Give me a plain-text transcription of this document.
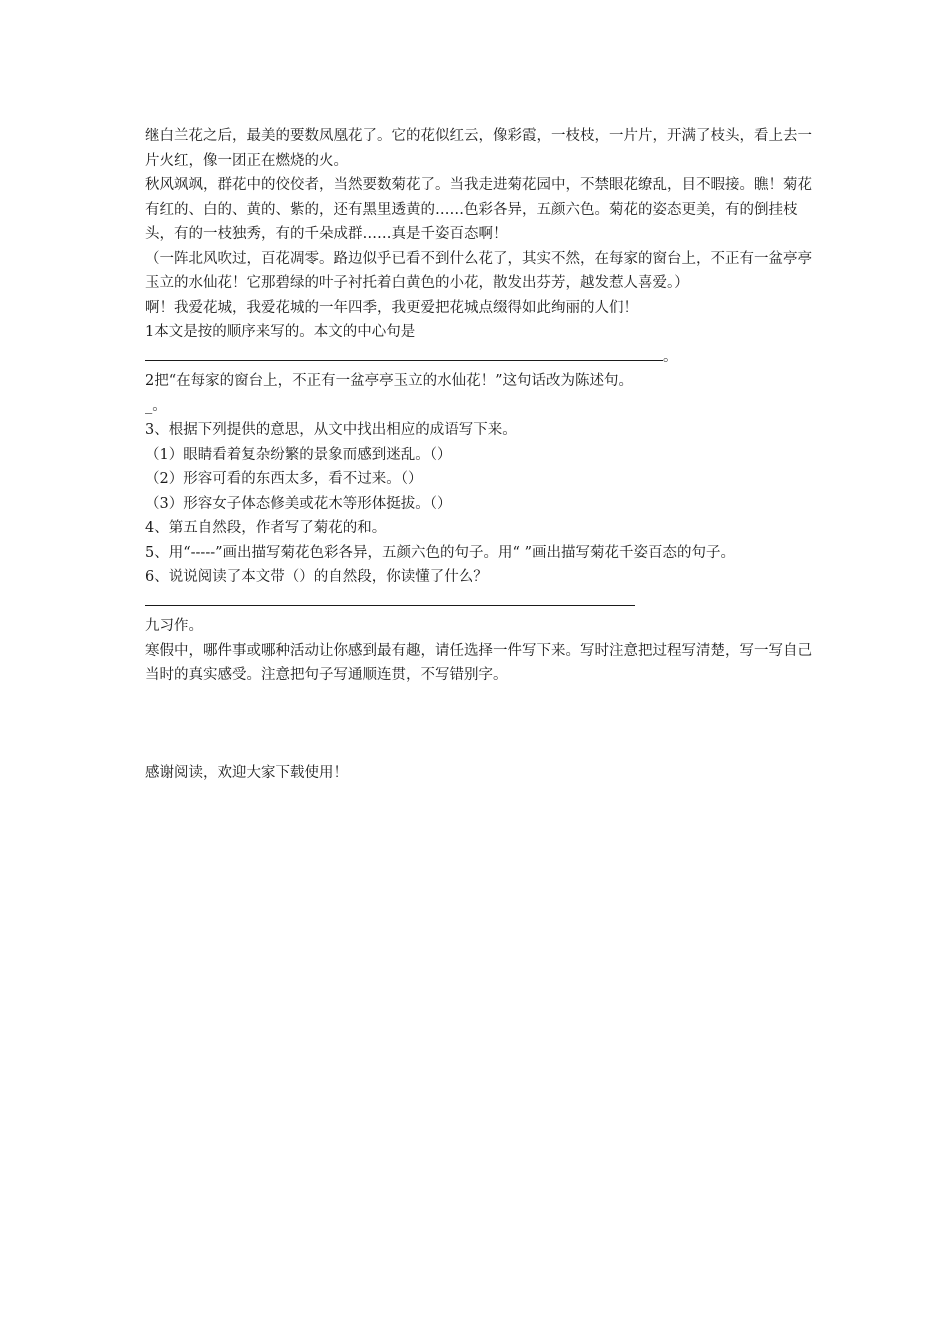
继白兰花之后，最美的要数凤凰花了。它的花似红云，像彩霞，一枝枝，一片片，开满了枝头，看上去一片火红，像一团正在燃烧的火。

秋风飒飒，群花中的佼佼者，当然要数菊花了。当我走进菊花园中，不禁眼花缭乱，目不暇接。瞧！菊花有红的、白的、黄的、紫的，还有黑里透黄的……色彩各异，五颜六色。菊花的姿态更美，有的倒挂枝头，有的一枝独秀，有的千朵成群……真是千姿百态啊！

（一阵北风吹过，百花凋零。路边似乎已看不到什么花了，其实不然，在每家的窗台上，不正有一盆亭亭玉立的水仙花！它那碧绿的叶子衬托着白黄色的小花，散发出芬芳，越发惹人喜爱。）

啊！我爱花城，我爱花城的一年四季，我更爱把花城点缀得如此绚丽的人们！

1本文是按的顺序来写的。本文的中心句是

。

2把“在每家的窗台上，不正有一盆亭亭玉立的水仙花！”这句话改为陈述句。

_。

3、根据下列提供的意思，从文中找出相应的成语写下来。

（1）眼睛看着复杂纷繁的景象而感到迷乱。（）

（2）形容可看的东西太多，看不过来。（）

（3）形容女子体态修美或花木等形体挺拔。（）

4、第五自然段，作者写了菊花的和。

5、用“-----”画出描写菊花色彩各异，五颜六色的句子。用“ ”画出描写菊花千姿百态的句子。

6、说说阅读了本文带（）的自然段，你读懂了什么？

九习作。

寒假中，哪件事或哪种活动让你感到最有趣，请任选择一件写下来。写时注意把过程写清楚，写一写自己当时的真实感受。注意把句子写通顺连贯，不写错别字。

感谢阅读，欢迎大家下载使用！
